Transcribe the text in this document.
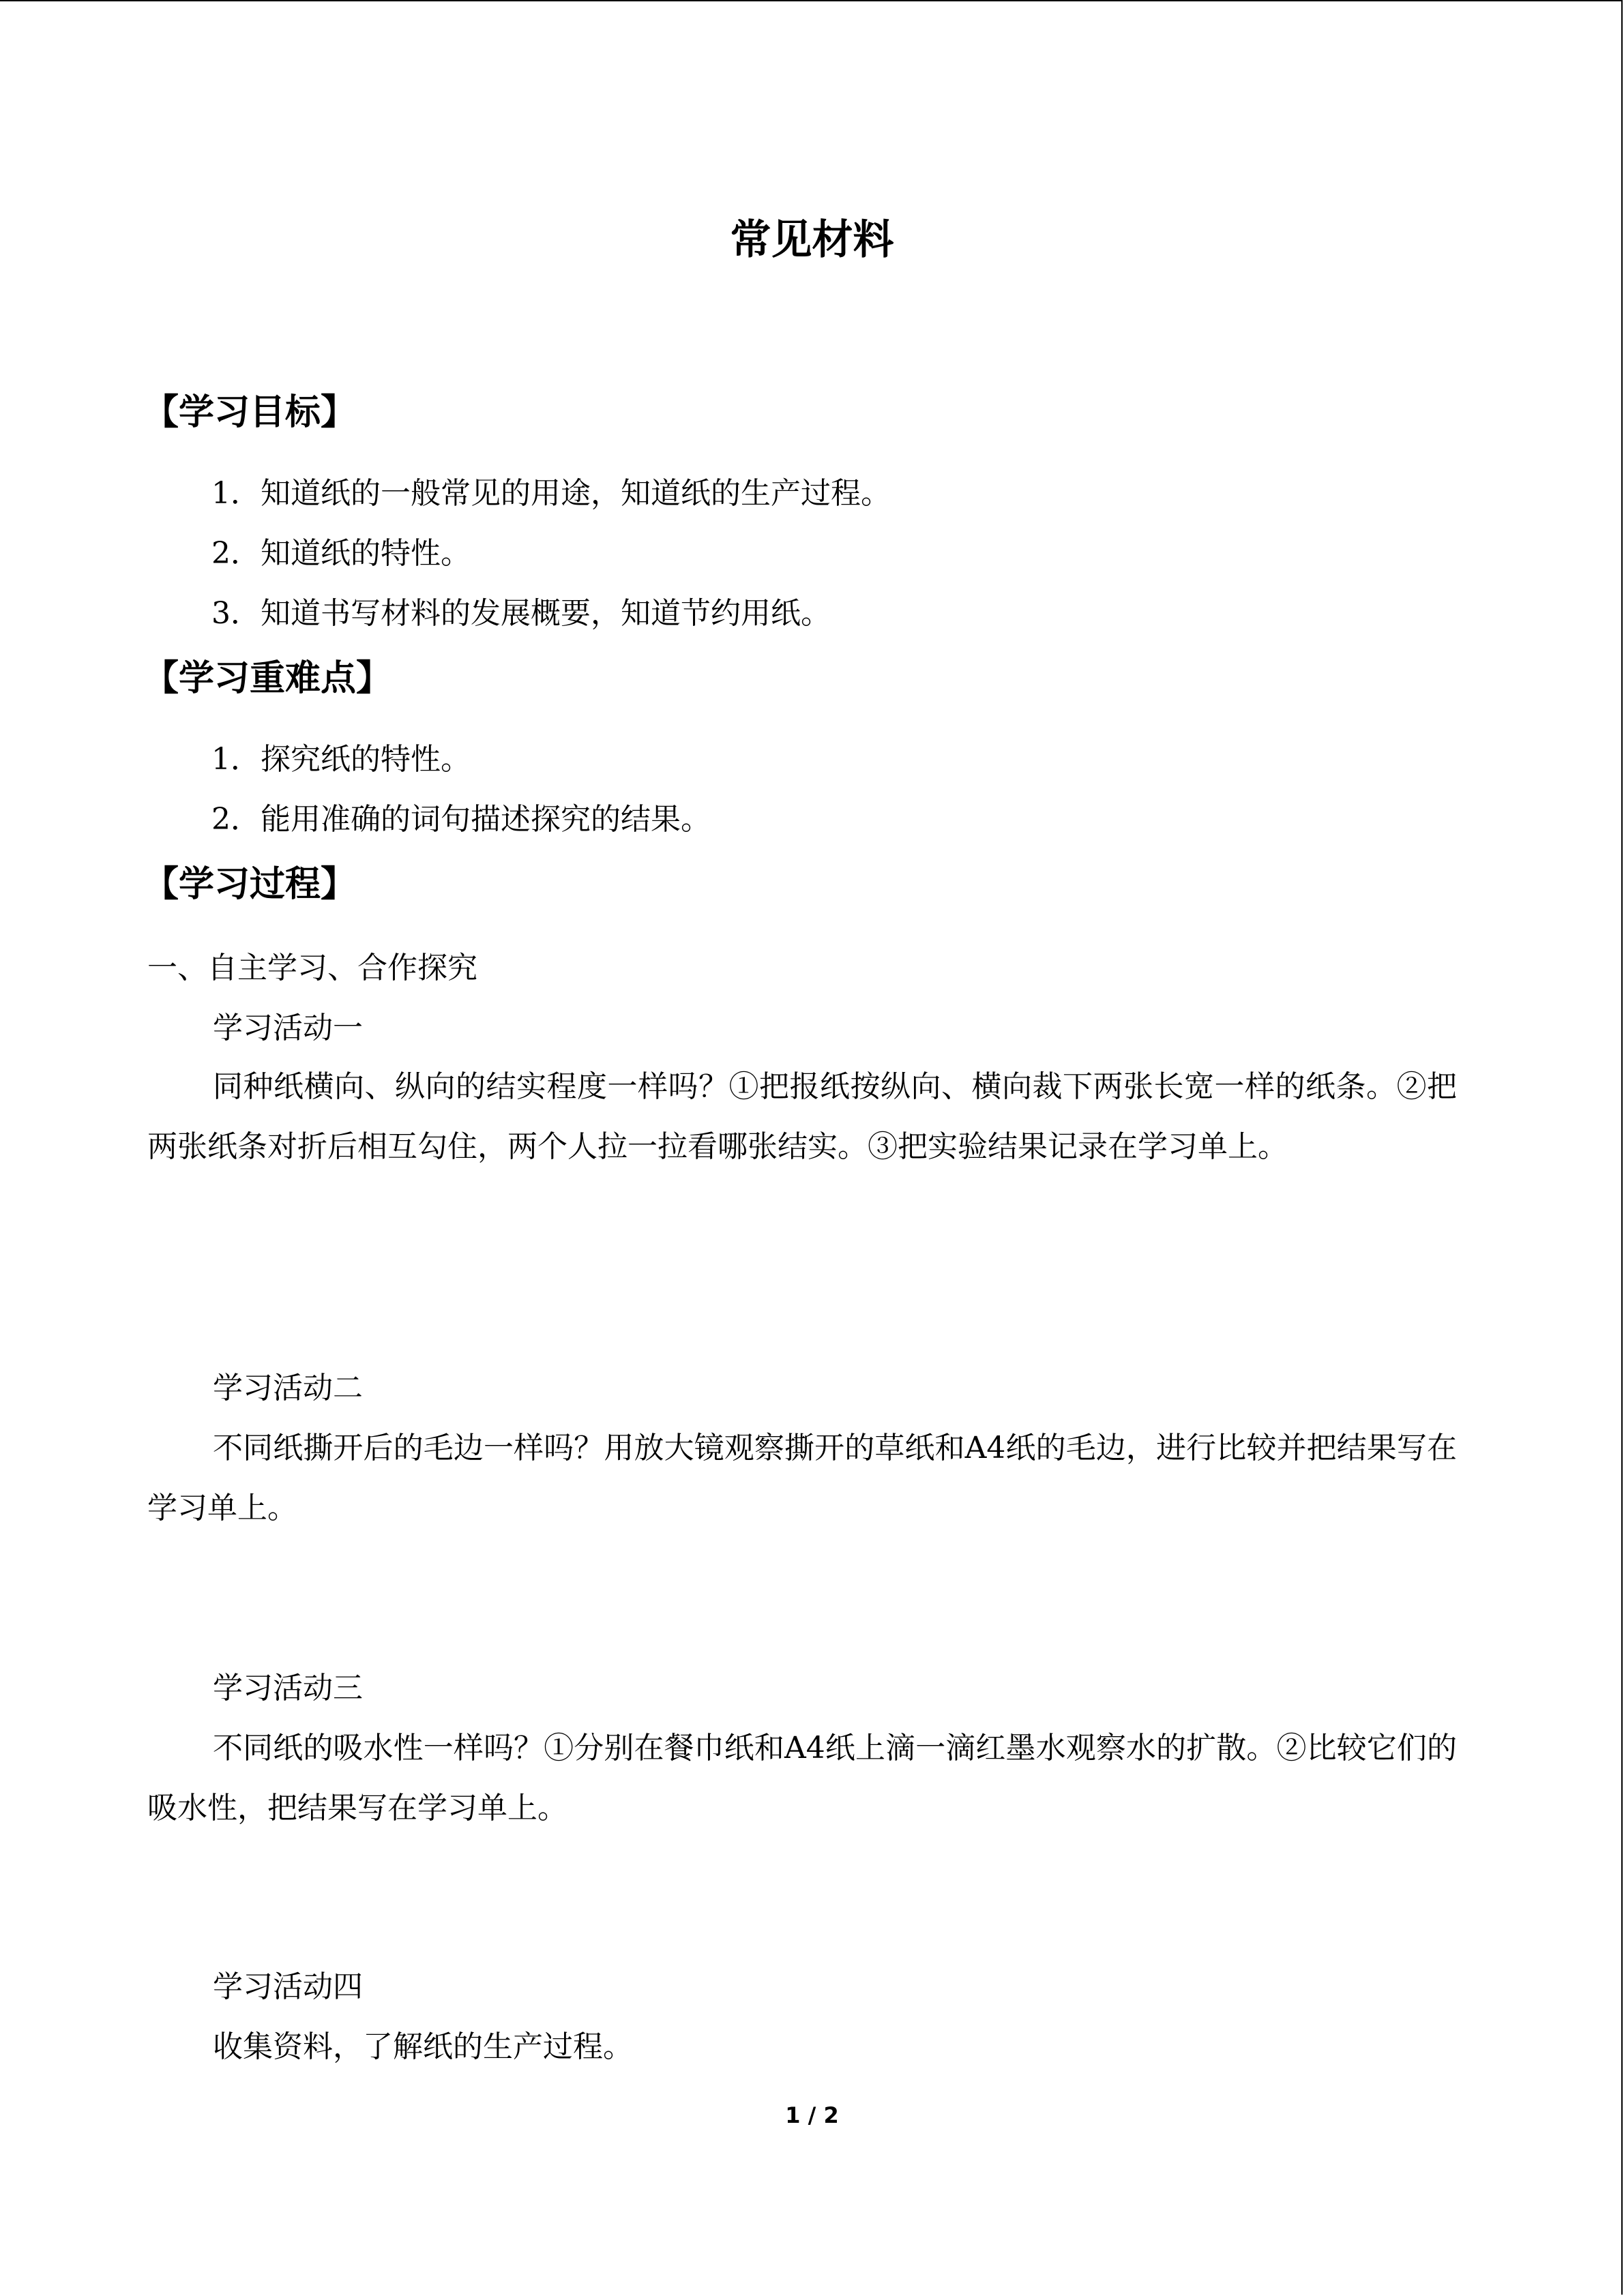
常见材料
【学习目标】
1．知道纸的一般常见的用途，知道纸的生产过程。
2．知道纸的特性。
3．知道书写材料的发展概要，知道节约用纸。
【学习重难点】
1．探究纸的特性。
2．能用准确的词句描述探究的结果。
【学习过程】
一、自主学习、合作探究
学习活动一
同种纸横向、纵向的结实程度一样吗？①把报纸按纵向、横向裁下两张长宽一样的纸条。②把两张纸条对折后相互勾住，两个人拉一拉看哪张结实。③把实验结果记录在学习单上。
学习活动二
不同纸撕开后的毛边一样吗？用放大镜观察撕开的草纸和A4纸的毛边，进行比较并把结果写在学习单上。
学习活动三
不同纸的吸水性一样吗？①分别在餐巾纸和A4纸上滴一滴红墨水观察水的扩散。②比较它们的吸水性，把结果写在学习单上。
学习活动四
收集资料，了解纸的生产过程。
1 / 2
